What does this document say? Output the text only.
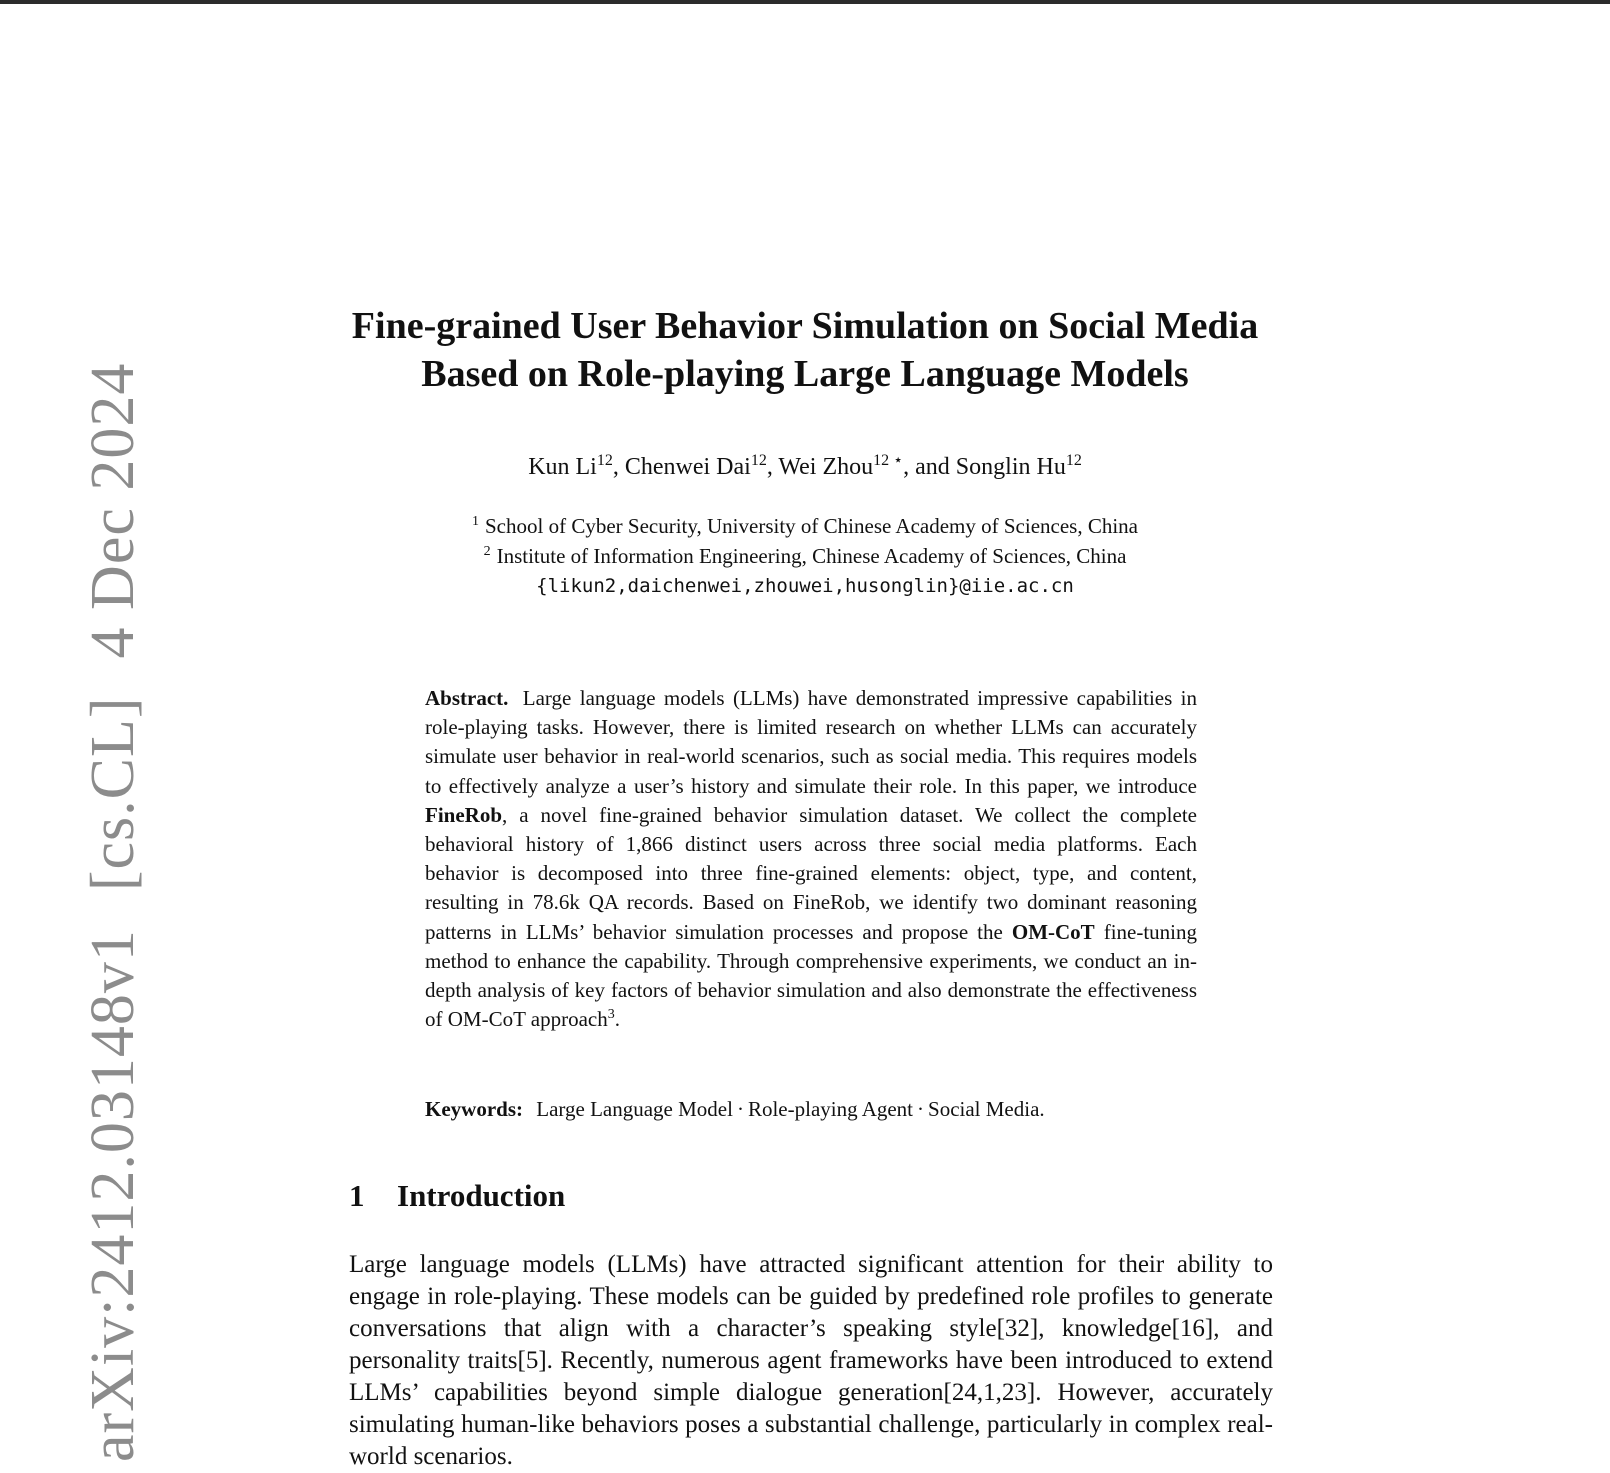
arXiv:2412.03148v1[cs.CL]4 Dec 2024
Fine-grained User Behavior Simulation on Social Media
Based on Role-playing Large Language Models
Kun Li$^{12}$, Chenwei Dai$^{12}$, Wei Zhou$^{12 ⋆}$, and Songlin Hu$^{12}$
$^1$ School of Cyber Security, University of Chinese Academy of Sciences, China
$^2$ Institute of Information Engineering, Chinese Academy of Sciences, China
{likun2,daichenwei,zhouwei,husonglin}@iie.ac.cn
Abstract. Large language models (LLMs) have demonstrated impressive capabilities in role-playing tasks. However, there is limited research on whether LLMs can accurately simulate user behavior in real-world scenarios, such as social media. This requires models to effectively analyze a user’s history and simulate their role. In this paper, we introduce FineRob, a novel fine-grained behavior simulation dataset. We collect the complete behavioral history of 1,866 distinct users across three social media platforms. Each behavior is decomposed into three fine-grained elements: object, type, and content, resulting in 78.6k QA records. Based on FineRob, we identify two dominant reasoning patterns in LLMs’ behavior simulation processes and propose the OM-CoT fine-tuning method to enhance the capability. Through comprehensive experiments, we conduct an in-depth analysis of key factors of behavior simulation and also demonstrate the effectiveness of OM-CoT approach$^3$.
Keywords: Large Language Model · Role-playing Agent · Social Media.
1 Introduction
Large language models (LLMs) have attracted significant attention for their ability to engage in role-playing. These models can be guided by predefined role profiles to generate conversations that align with a character’s speaking style[32], knowledge[16], and personality traits[5]. Recently, numerous agent frameworks have been introduced to extend LLMs’ capabilities beyond simple dialogue generation[24,1,23]. However, accurately simulating human-like behaviors poses a substantial challenge, particularly in complex real-world scenarios.
